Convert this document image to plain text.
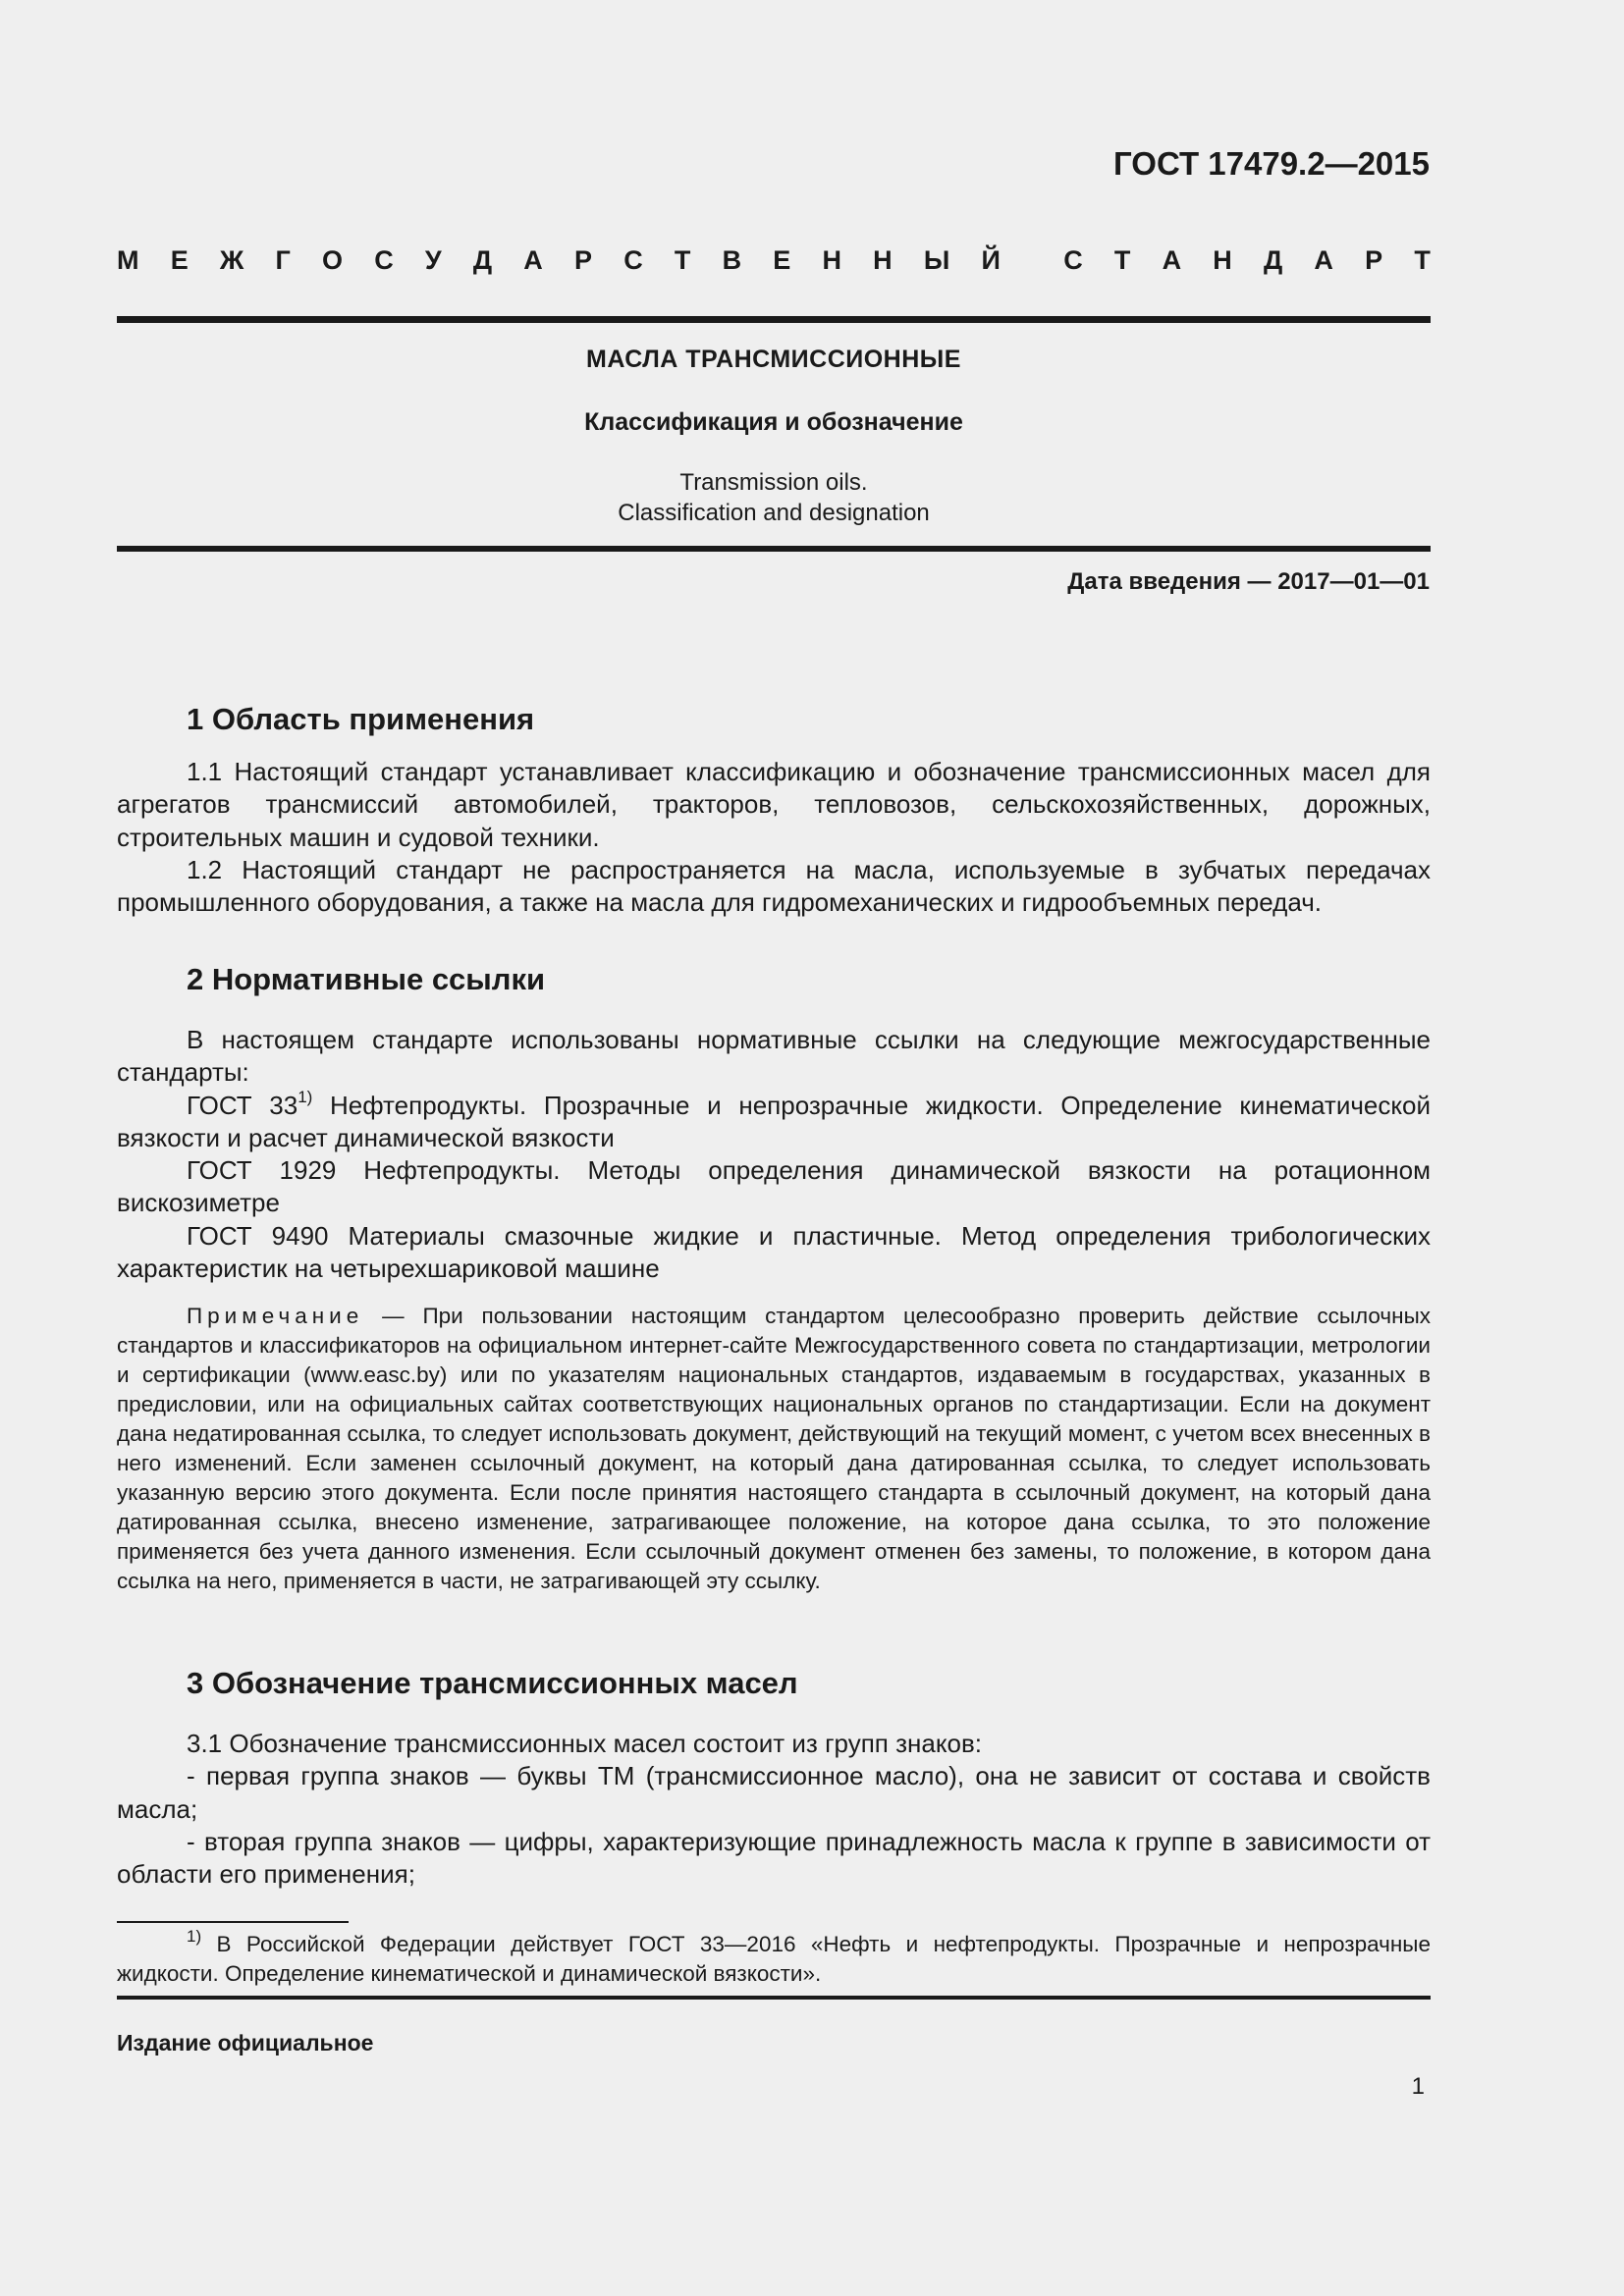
ГОСТ 17479.2—2015
М Е Ж Г О С У Д А Р С Т В Е Н Н Ы Й С Т А Н Д А Р Т
МАСЛА ТРАНСМИССИОННЫЕ
Классификация и обозначение
Transmission oils.
Classification and designation
Дата введения — 2017—01—01
1 Область применения

1.1 Настоящий стандарт устанавливает классификацию и обозначение трансмиссионных масел для агрегатов трансмиссий автомобилей, тракторов, тепловозов, сельскохозяйственных, дорожных, строительных машин и судовой техники.

1.2 Настоящий стандарт не распространяется на масла, используемые в зубчатых передачах промышленного оборудования, а также на масла для гидромеханических и гидрообъемных передач.

2 Нормативные ссылки

В настоящем стандарте использованы нормативные ссылки на следующие межгосударственные стандарты:

ГОСТ 33$^{1)}$ Нефтепродукты. Прозрачные и непрозрачные жидкости. Определение кинематической вязкости и расчет динамической вязкости

ГОСТ 1929 Нефтепродукты. Методы определения динамической вязкости на ротационном вискозиметре

ГОСТ 9490 Материалы смазочные жидкие и пластичные. Метод определения трибологических характеристик на четырехшариковой машине

Примечание — При пользовании настоящим стандартом целесообразно проверить действие ссылочных стандартов и классификаторов на официальном интернет-сайте Межгосударственного совета по стандартизации, метрологии и сертификации (www.easc.by) или по указателям национальных стандартов, издаваемым в государствах, указанных в предисловии, или на официальных сайтах соответствующих национальных органов по стандартизации. Если на документ дана недатированная ссылка, то следует использовать документ, действующий на текущий момент, с учетом всех внесенных в него изменений. Если заменен ссылочный документ, на который дана датированная ссылка, то следует использовать указанную версию этого документа. Если после принятия настоящего стандарта в ссылочный документ, на который дана датированная ссылка, внесено изменение, затрагивающее положение, на которое дана ссылка, то это положение применяется без учета данного изменения. Если ссылочный документ отменен без замены, то положение, в котором дана ссылка на него, применяется в части, не затрагивающей эту ссылку.

3 Обозначение трансмиссионных масел

3.1 Обозначение трансмиссионных масел состоит из групп знаков:

- первая группа знаков — буквы ТМ (трансмиссионное масло), она не зависит от состава и свойств масла;

- вторая группа знаков — цифры, характеризующие принадлежность масла к группе в зависимости от области его применения;

$^{1)}$ В Российской Федерации действует ГОСТ 33—2016 «Нефть и нефтепродукты. Прозрачные и непрозрачные жидкости. Определение кинематической и динамической вязкости».

Издание официальное
1
